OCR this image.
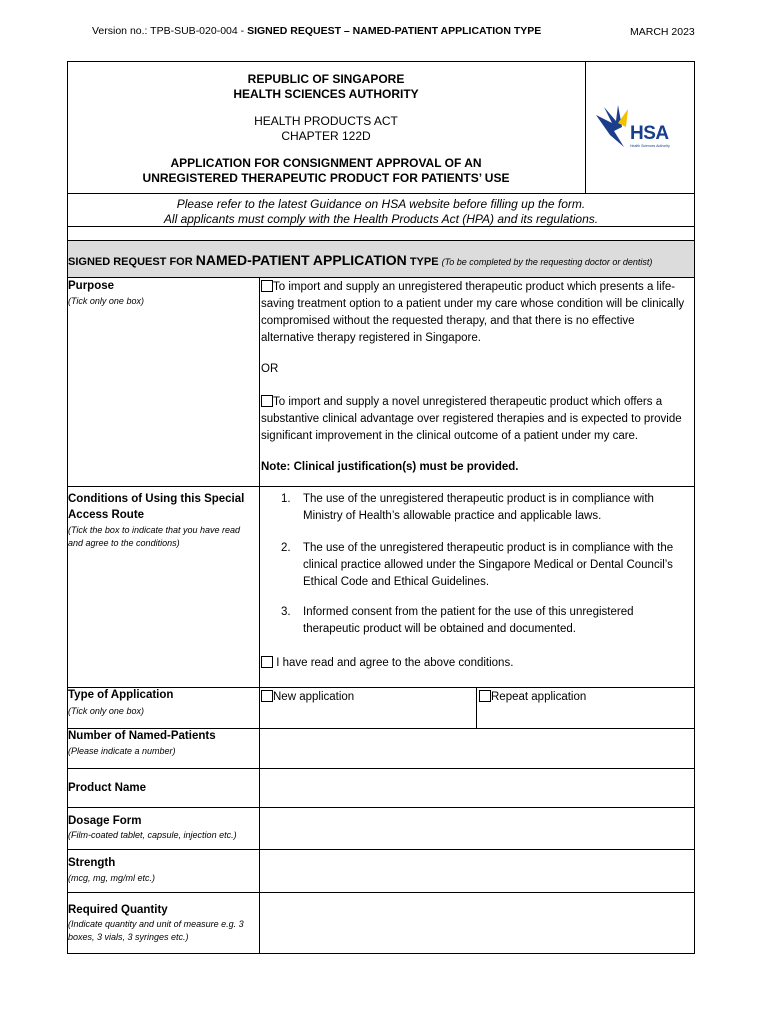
Version no.: TPB-SUB-020-004 - SIGNED REQUEST – NAMED-PATIENT APPLICATION TYPE	MARCH 2023
REPUBLIC OF SINGAPORE
HEALTH SCIENCES AUTHORITY
HEALTH PRODUCTS ACT
CHAPTER 122D
APPLICATION FOR CONSIGNMENT APPROVAL OF AN
UNREGISTERED THERAPEUTIC PRODUCT FOR PATIENTS’ USE
HSA
Health Sciences Authority
Please refer to the latest Guidance on HSA website before filling up the form.
All applicants must comply with the Health Products Act (HPA) and its regulations.
SIGNED REQUEST FOR NAMED-PATIENT APPLICATION TYPE (To be completed by the requesting doctor or dentist)
Purpose
(Tick only one box)
To import and supply an unregistered therapeutic product which presents a life-
saving treatment option to a patient under my care whose condition will be clinically
compromised without the requested therapy, and that there is no effective
alternative therapy registered in Singapore.
OR
To import and supply a novel unregistered therapeutic product which offers a
substantive clinical advantage over registered therapies and is expected to provide
significant improvement in the clinical outcome of a patient under my care.
Note: Clinical justification(s) must be provided.
Conditions of Using this Special
Access Route
(Tick the box to indicate that you have read
and agree to the conditions)
1. The use of the unregistered therapeutic product is in compliance with
Ministry of Health’s allowable practice and applicable laws.
2. The use of the unregistered therapeutic product is in compliance with the
clinical practice allowed under the Singapore Medical or Dental Council’s
Ethical Code and Ethical Guidelines.
3. Informed consent from the patient for the use of this unregistered
therapeutic product will be obtained and documented.
I have read and agree to the above conditions.
Type of Application
(Tick only one box)
New application	Repeat application
Number of Named-Patients
(Please indicate a number)
Product Name
Dosage Form
(Film-coated tablet, capsule, injection etc.)
Strength
(mcg, mg, mg/ml etc.)
Required Quantity
(Indicate quantity and unit of measure e.g. 3
boxes, 3 vials, 3 syringes etc.)
